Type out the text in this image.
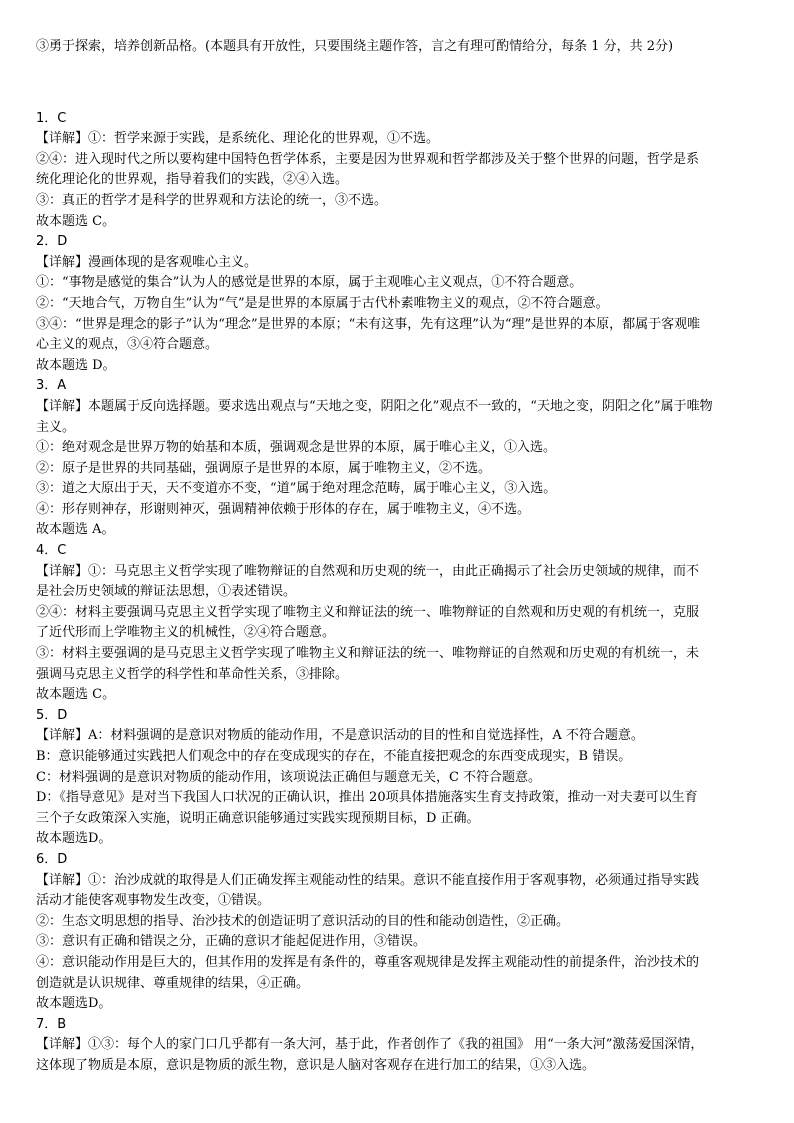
③勇于探索，培养创新品格。(本题具有开放性，只要围绕主题作答，言之有理可酌情给分，每条 1 分，共 2分)
1．C
【详解】①：哲学来源于实践，是系统化、理论化的世界观，①不选。
②④：进入现时代之所以要构建中国特色哲学体系，主要是因为世界观和哲学都涉及关于整个世界的问题，哲学是系
统化理论化的世界观，指导着我们的实践，②④入选。
③：真正的哲学才是科学的世界观和方法论的统一，③不选。
故本题选 C。
2．D
【详解】漫画体现的是客观唯心主义。
①：“事物是感觉的集合”认为人的感觉是世界的本原，属于主观唯心主义观点，①不符合题意。
②：“天地合气，万物自生”认为“气”是是世界的本原属于古代朴素唯物主义的观点，②不符合题意。
③④：“世界是理念的影子”认为“理念”是世界的本原；“未有这事，先有这理”认为“理”是世界的本原，都属于客观唯
心主义的观点，③④符合题意。
故本题选 D。
3．A
【详解】本题属于反向选择题。要求选出观点与“天地之变，阴阳之化”观点不一致的，“天地之变，阴阳之化”属于唯物
主义。
①：绝对观念是世界万物的始基和本质，强调观念是世界的本原，属于唯心主义，①入选。
②：原子是世界的共同基础，强调原子是世界的本原，属于唯物主义，②不选。
③：道之大原出于天，天不变道亦不变，“道”属于绝对理念范畴，属于唯心主义，③入选。
④：形存则神存，形谢则神灭，强调精神依赖于形体的存在，属于唯物主义，④不选。
故本题选 A。
4．C
【详解】①：马克思主义哲学实现了唯物辩证的自然观和历史观的统一，由此正确揭示了社会历史领域的规律，而不
是社会历史领域的辩证法思想，①表述错误。
②④：材料主要强调马克思主义哲学实现了唯物主义和辩证法的统一、唯物辩证的自然观和历史观的有机统一，克服
了近代形而上学唯物主义的机械性，②④符合题意。
③：材料主要强调的是马克思主义哲学实现了唯物主义和辩证法的统一、唯物辩证的自然观和历史观的有机统一，未
强调马克思主义哲学的科学性和革命性关系，③排除。
故本题选 C。
5．D
【详解】A：材料强调的是意识对物质的能动作用，不是意识活动的目的性和自觉选择性，A 不符合题意。
B：意识能够通过实践把人们观念中的存在变成现实的存在，不能直接把观念的东西变成现实，B 错误。
C：材料强调的是意识对物质的能动作用，该项说法正确但与题意无关，C 不符合题意。
D：《指导意见》是对当下我国人口状况的正确认识，推出 20项具体措施落实生育支持政策，推动一对夫妻可以生育
三个子女政策深入实施，说明正确意识能够通过实践实现预期目标，D 正确。
故本题选D。
6．D
【详解】①：治沙成就的取得是人们正确发挥主观能动性的结果。意识不能直接作用于客观事物，必须通过指导实践
活动才能使客观事物发生改变，①错误。
②：生态文明思想的指导、治沙技术的创造证明了意识活动的目的性和能动创造性，②正确。
③：意识有正确和错误之分，正确的意识才能起促进作用，③错误。
④：意识能动作用是巨大的，但其作用的发挥是有条件的，尊重客观规律是发挥主观能动性的前提条件，治沙技术的
创造就是认识规律、尊重规律的结果，④正确。
故本题选D。
7．B
【详解】①③：每个人的家门口几乎都有一条大河，基于此，作者创作了《我的祖国》 用“一条大河”激荡爱国深情，
这体现了物质是本原，意识是物质的派生物，意识是人脑对客观存在进行加工的结果，①③入选。
